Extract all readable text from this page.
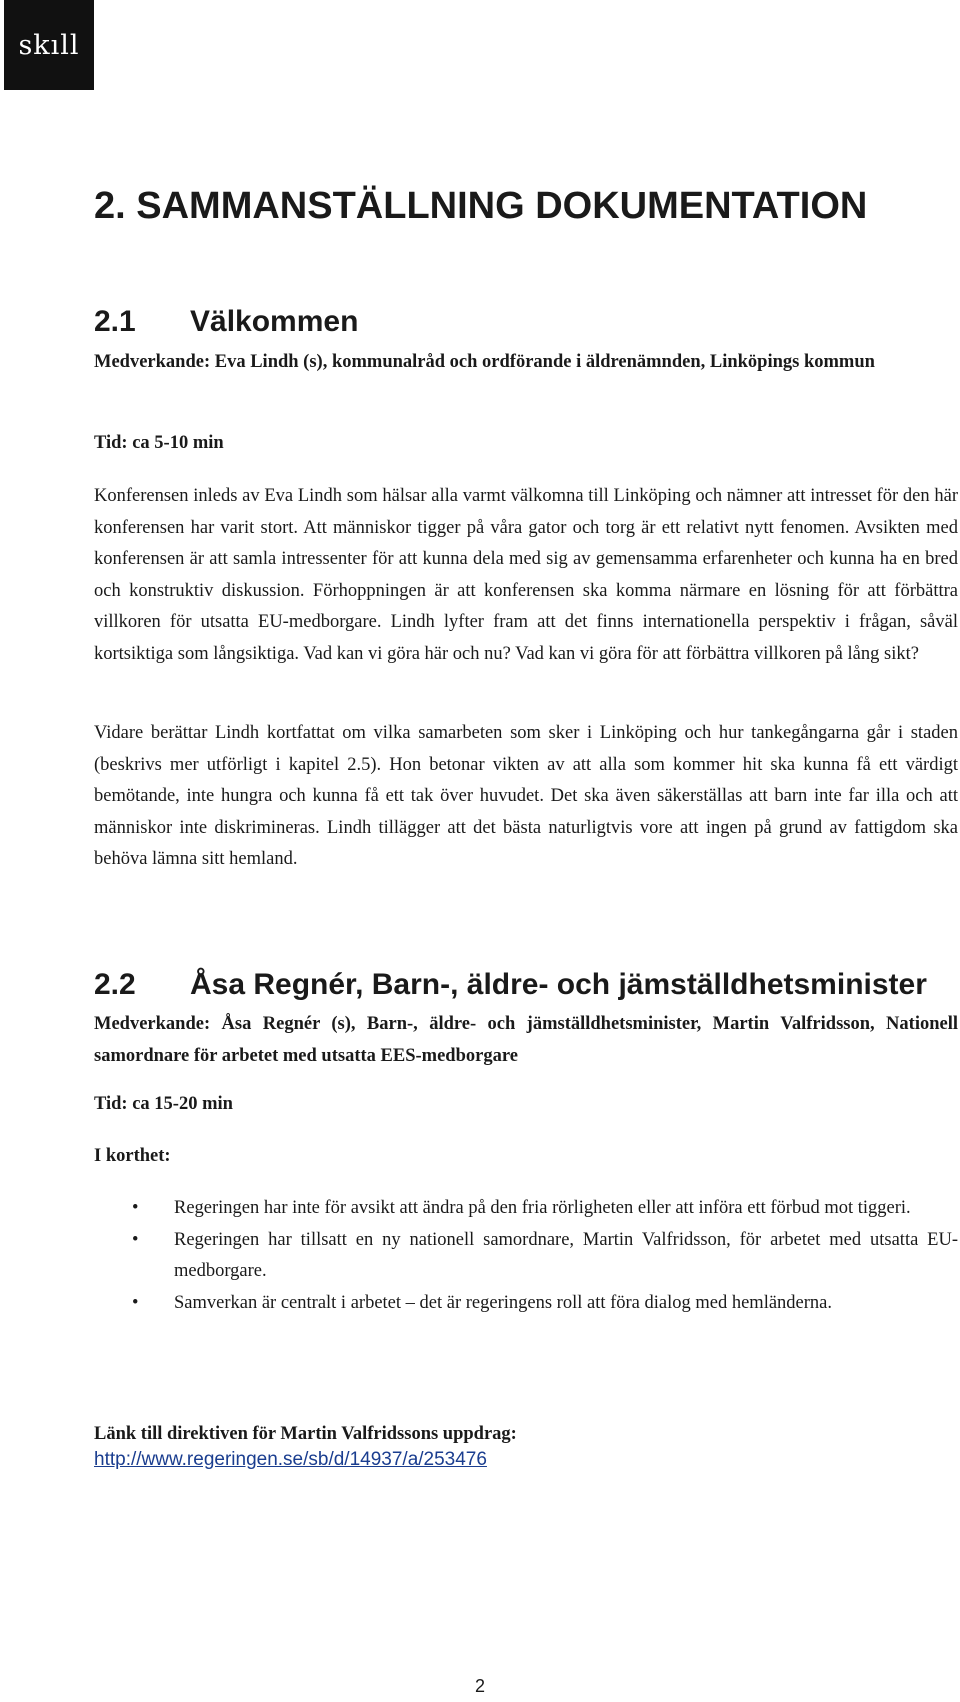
skıll
2. SAMMANSTÄLLNING DOKUMENTATION
2.1 Välkommen

Medverkande: Eva Lindh (s), kommunalråd och ordförande i äldrenämnden, Linköpings kommun

Tid: ca 5-10 min

Konferensen inleds av Eva Lindh som hälsar alla varmt välkomna till Linköping och nämner att intresset för den här konferensen har varit stort. Att människor tigger på våra gator och torg är ett relativt nytt fenomen. Avsikten med konferensen är att samla intressenter för att kunna dela med sig av gemensamma erfarenheter och kunna ha en bred och konstruktiv diskussion. Förhoppningen är att konferensen ska komma närmare en lösning för att förbättra villkoren för utsatta EU-medborgare. Lindh lyfter fram att det finns internationella perspektiv i frågan, såväl kortsiktiga som långsiktiga. Vad kan vi göra här och nu? Vad kan vi göra för att förbättra villkoren på lång sikt?

Vidare berättar Lindh kortfattat om vilka samarbeten som sker i Linköping och hur tankegångarna går i staden (beskrivs mer utförligt i kapitel 2.5). Hon betonar vikten av att alla som kommer hit ska kunna få ett värdigt bemötande, inte hungra och kunna få ett tak över huvudet. Det ska även säkerställas att barn inte far illa och att människor inte diskrimineras. Lindh tillägger att det bästa naturligtvis vore att ingen på grund av fattigdom ska behöva lämna sitt hemland.

2.2 Åsa Regnér, Barn-, äldre- och jämställdhetsminister

Medverkande: Åsa Regnér (s), Barn-, äldre- och jämställdhetsminister, Martin Valfridsson, Nationell samordnare för arbetet med utsatta EES-medborgare

Tid: ca 15-20 min

I korthet:

• Regeringen har inte för avsikt att ändra på den fria rörligheten eller att införa ett förbud mot tiggeri.
• Regeringen har tillsatt en ny nationell samordnare, Martin Valfridsson, för arbetet med utsatta EU-medborgare.
• Samverkan är centralt i arbetet – det är regeringens roll att föra dialog med hemländerna.

Länk till direktiven för Martin Valfridssons uppdrag:

http://www.regeringen.se/sb/d/14937/a/253476

2
